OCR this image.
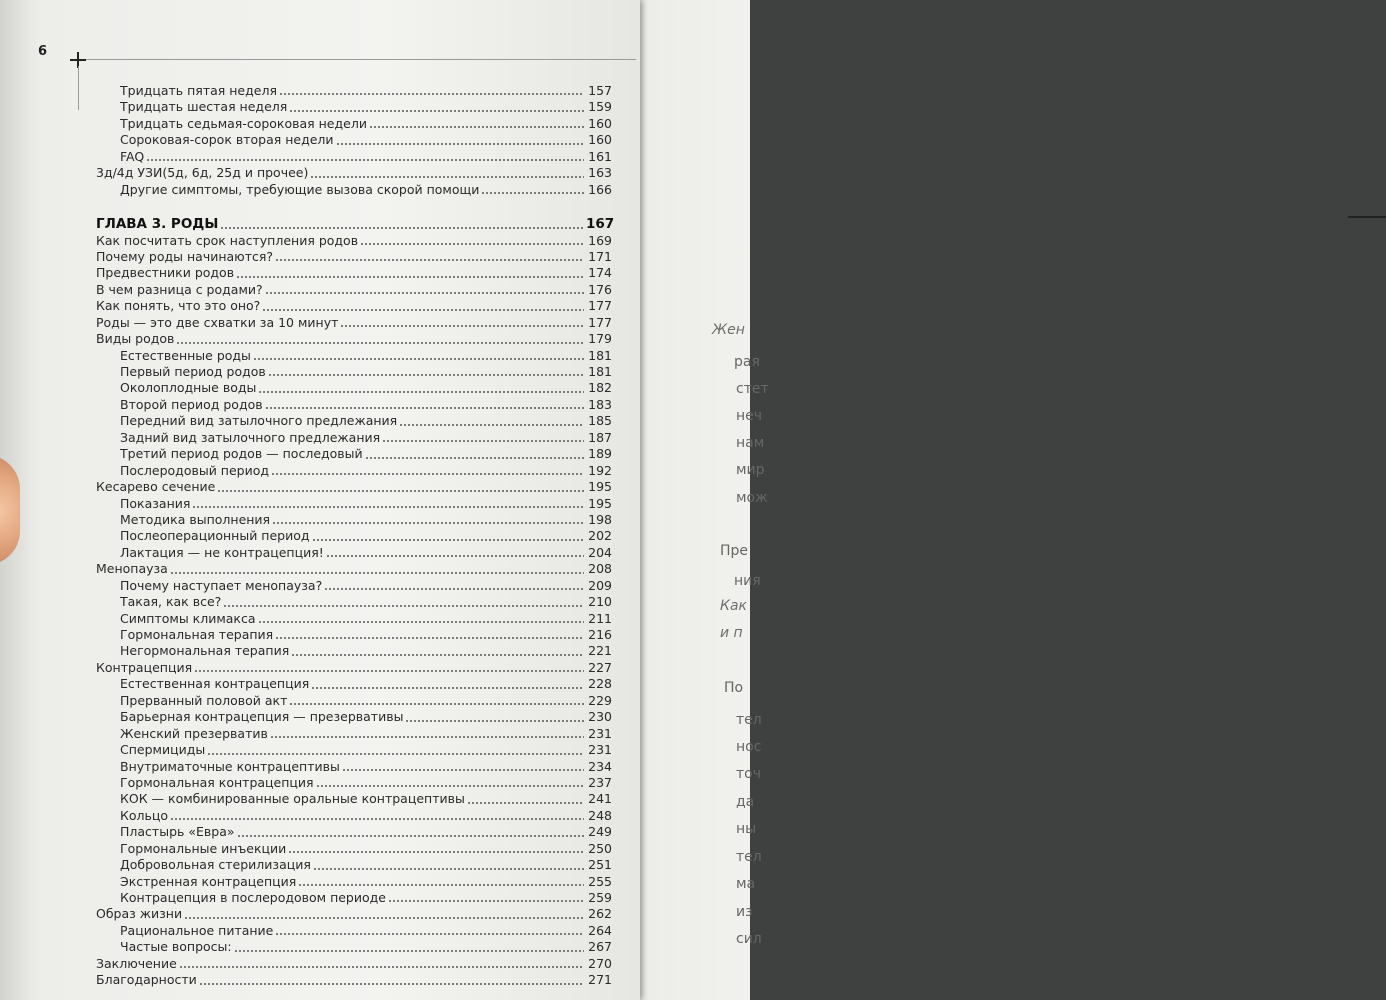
Жен
рая
стет
неч
нам
мир
мож
Пре
ния
Как
и п
По
тел
нос
точ
да
ны
тел
ма
из
сил
6
Тридцать пятая неделя	157
Тридцать шестая неделя	159
Тридцать седьмая-сороковая недели	160
Сороковая-сорок вторая недели	160
FAQ	161
3д/4д УЗИ(5д, 6д, 25д и прочее)	163
Другие симптомы, требующие вызова скорой помощи	166
ГЛАВА 3. РОДЫ	167
Как посчитать срок наступления родов	169
Почему роды начинаются?	171
Предвестники родов	174
В чем разница с родами?	176
Как понять, что это оно?	177
Роды — это две схватки за 10 минут	177
Виды родов	179
Естественные роды	181
Первый период родов	181
Околоплодные воды	182
Второй период родов	183
Передний вид затылочного предлежания	185
Задний вид затылочного предлежания	187
Третий период родов — последовый	189
Послеродовый период	192
Кесарево сечение	195
Показания	195
Методика выполнения	198
Послеоперационный период	202
Лактация — не контрацепция!	204
Менопауза	208
Почему наступает менопауза?	209
Такая, как все?	210
Симптомы климакса	211
Гормональная терапия	216
Негормональная терапия	221
Контрацепция	227
Естественная контрацепция	228
Прерванный половой акт	229
Барьерная контрацепция — презервативы	230
Женский презерватив	231
Спермициды	231
Внутриматочные контрацептивы	234
Гормональная контрацепция	237
КОК — комбинированные оральные контрацептивы	241
Кольцо	248
Пластырь «Евра»	249
Гормональные инъекции	250
Добровольная стерилизация	251
Экстренная контрацепция	255
Контрацепция в послеродовом периоде	259
Образ жизни	262
Рациональное питание	264
Частые вопросы:	267
Заключение	270
Благодарности	271
